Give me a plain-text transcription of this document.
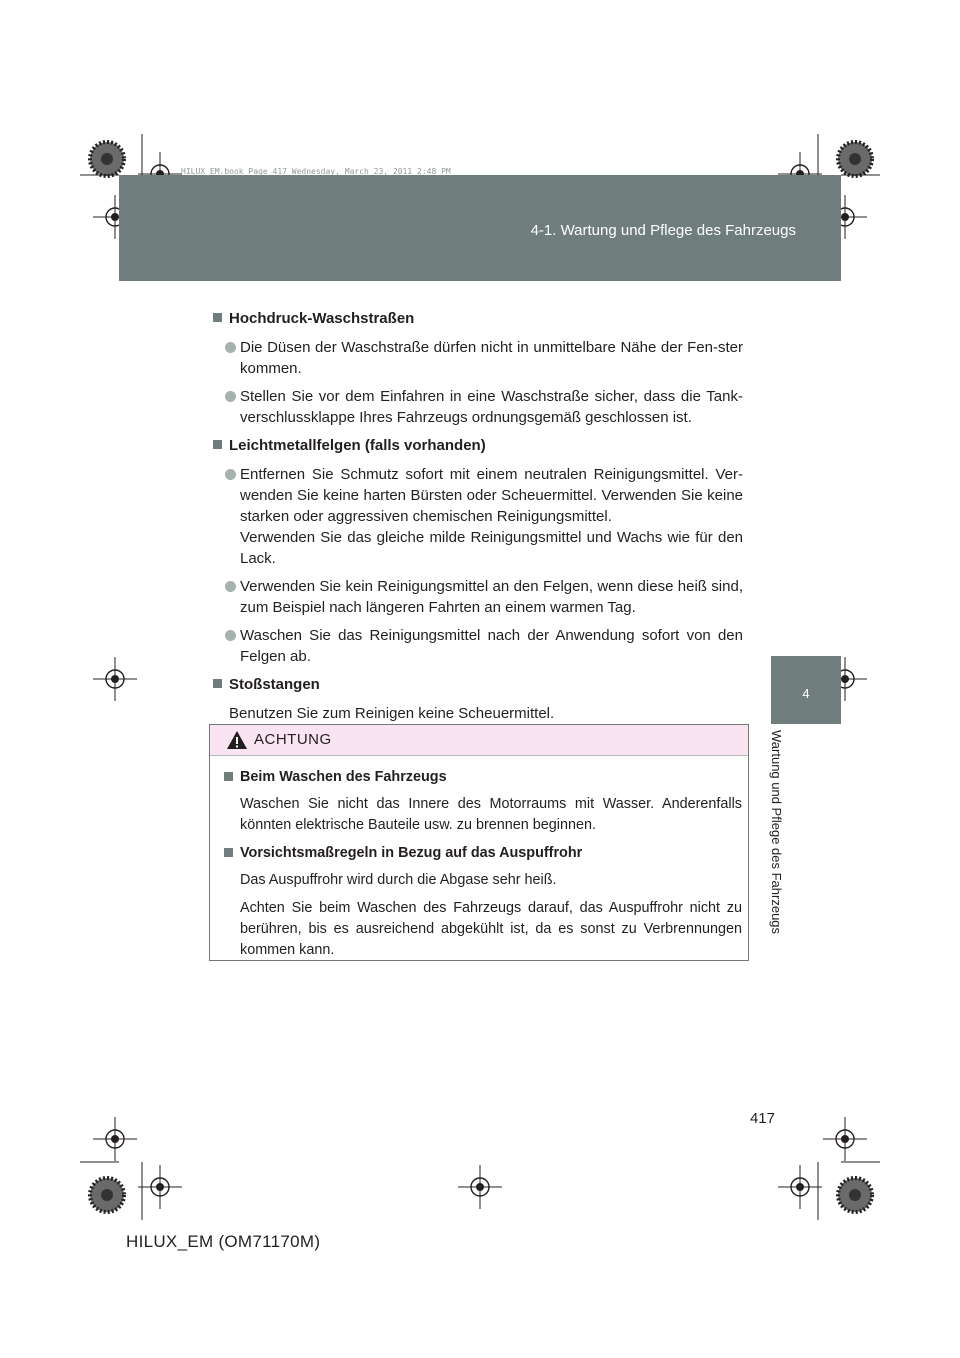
HILUX_EM.book Page 417 Wednesday, March 23, 2011 2:48 PM
4-1. Wartung und Pflege des Fahrzeugs
4
Wartung und Pflege des Fahrzeugs
Hochdruck-Waschstraßen
Die Düsen der Waschstraße dürfen nicht in unmittelbare Nähe der Fen-ster kommen.
Stellen Sie vor dem Einfahren in eine Waschstraße sicher, dass die Tank-verschlussklappe Ihres Fahrzeugs ordnungsgemäß geschlossen ist.
Leichtmetallfelgen (falls vorhanden)
Entfernen Sie Schmutz sofort mit einem neutralen Reinigungsmittel. Ver-wenden Sie keine harten Bürsten oder Scheuermittel. Verwenden Sie keine starken oder aggressiven chemischen Reinigungsmittel.
Verwenden Sie das gleiche milde Reinigungsmittel und Wachs wie für den Lack.
Verwenden Sie kein Reinigungsmittel an den Felgen, wenn diese heiß sind, zum Beispiel nach längeren Fahrten an einem warmen Tag.
Waschen Sie das Reinigungsmittel nach der Anwendung sofort von den Felgen ab.
Stoßstangen
Benutzen Sie zum Reinigen keine Scheuermittel.
ACHTUNG
Beim Waschen des Fahrzeugs
Waschen Sie nicht das Innere des Motorraums mit Wasser. Anderenfalls könnten elektrische Bauteile usw. zu brennen beginnen.
Vorsichtsmaßregeln in Bezug auf das Auspuffrohr
Das Auspuffrohr wird durch die Abgase sehr heiß.
Achten Sie beim Waschen des Fahrzeugs darauf, das Auspuffrohr nicht zu berühren, bis es ausreichend abgekühlt ist, da es sonst zu Verbrennungen kommen kann.
417
HILUX_EM (OM71170M)
